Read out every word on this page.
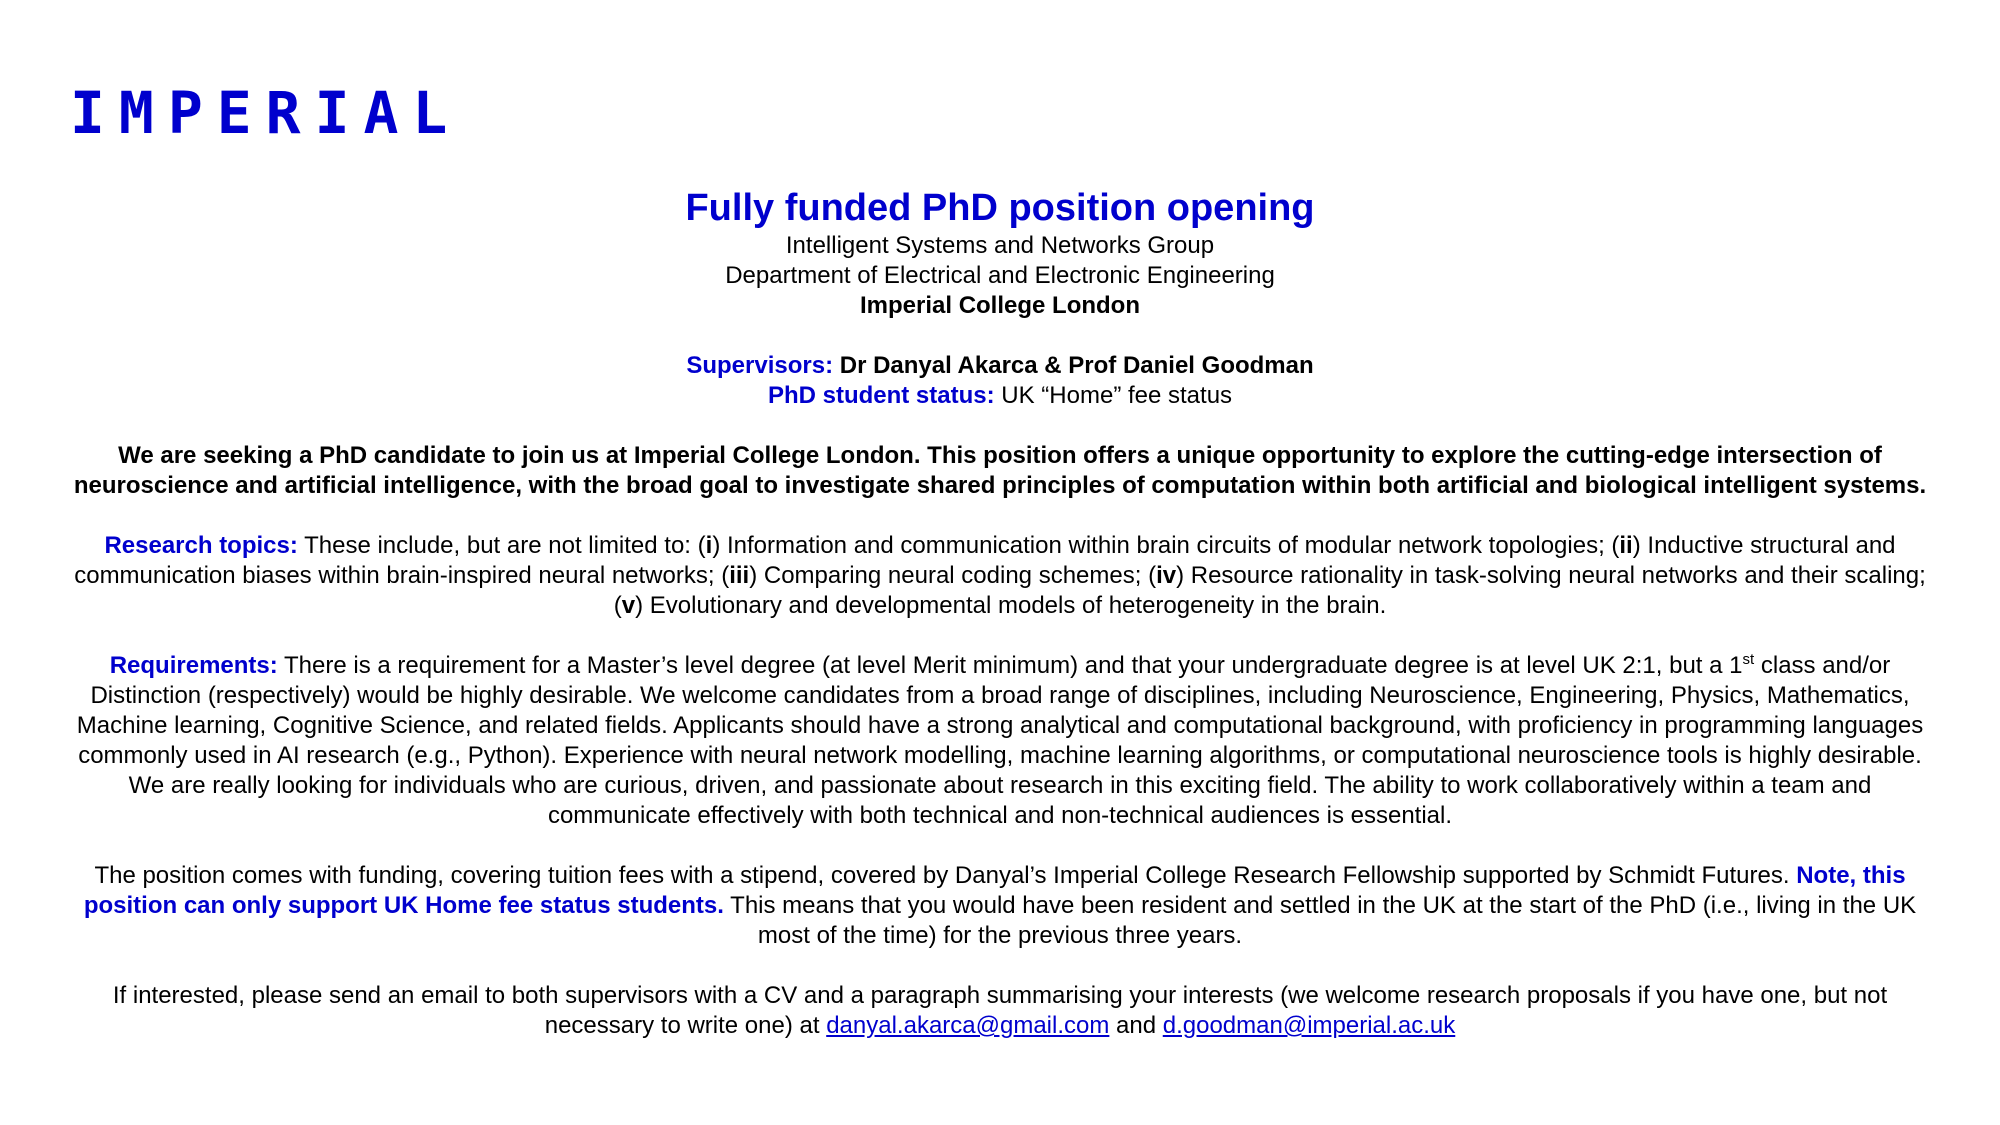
IMPERIAL
Fully funded PhD position opening
Intelligent Systems and Networks Group
Department of Electrical and Electronic Engineering
Imperial College London
Supervisors: Dr Danyal Akarca & Prof Daniel Goodman
PhD student status: UK “Home” fee status

We are seeking a PhD candidate to join us at Imperial College London. This position offers a unique opportunity to explore the cutting-edge intersection of neuroscience and artificial intelligence, with the broad goal to investigate shared principles of computation within both artificial and biological intelligent systems.

Research topics: These include, but are not limited to: (i) Information and communication within brain circuits of modular network topologies; (ii) Inductive structural and communication biases within brain-inspired neural networks; (iii) Comparing neural coding schemes; (iv) Resource rationality in task-solving neural networks and their scaling; (v) Evolutionary and developmental models of heterogeneity in the brain.

Requirements: There is a requirement for a Master’s level degree (at level Merit minimum) and that your undergraduate degree is at level UK 2:1, but a 1st class and/or Distinction (respectively) would be highly desirable. We welcome candidates from a broad range of disciplines, including Neuroscience, Engineering, Physics, Mathematics, Machine learning, Cognitive Science, and related fields. Applicants should have a strong analytical and computational background, with proficiency in programming languages commonly used in AI research (e.g., Python). Experience with neural network modelling, machine learning algorithms, or computational neuroscience tools is highly desirable. We are really looking for individuals who are curious, driven, and passionate about research in this exciting field. The ability to work collaboratively within a team and communicate effectively with both technical and non-technical audiences is essential.

The position comes with funding, covering tuition fees with a stipend, covered by Danyal’s Imperial College Research Fellowship supported by Schmidt Futures. Note, this position can only support UK Home fee status students. This means that you would have been resident and settled in the UK at the start of the PhD (i.e., living in the UK most of the time) for the previous three years.

If interested, please send an email to both supervisors with a CV and a paragraph summarising your interests (we welcome research proposals if you have one, but not necessary to write one) at danyal.akarca@gmail.com and d.goodman@imperial.ac.uk
